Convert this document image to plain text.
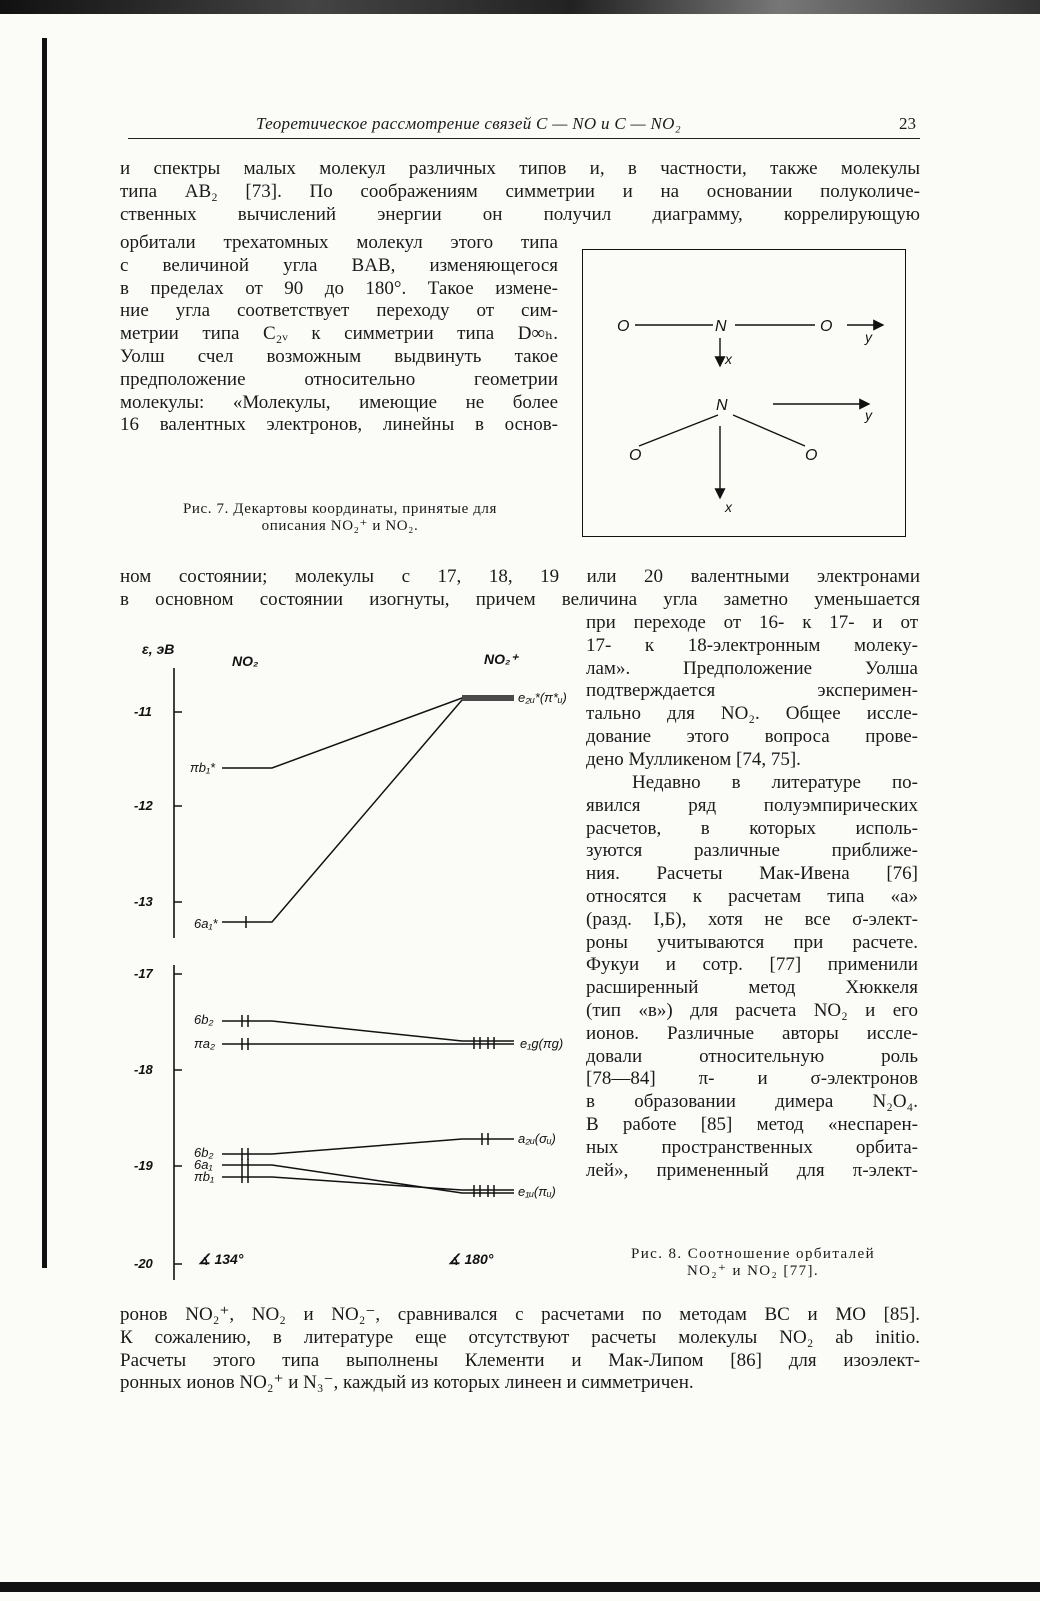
Теоретическое рассмотрение связей C — NO и C — NO₂	23
и спектры малых молекул различных типов и, в частности, также молекулы
типа AB₂ [73]. По соображениям симметрии и на основании полуколиче-
ственных вычислений энергии он получил диаграмму, коррелирующую
орбитали трехатомных молекул этого типа
с величиной угла BAB, изменяющегося
в пределах от 90 до 180°. Такое измене-
ние угла соответствует переходу от сим-
метрии типа C₂ᵥ к симметрии типа D∞ₕ.
Уолш счел возможным выдвинуть такое
предположение относительно геометрии
молекулы: «Молекулы, имеющие не более
16 валентных электронов, линейны в основ-
O	N	O
y
x
N
O	O
y
x
Рис. 7. Декартовы координаты, принятые для
описания NO₂⁺ и NO₂.
ном состоянии; молекулы с 17, 18, 19 или 20 валентными электронами
в основном состоянии изогнуты, причем величина угла заметно уменьшается
при переходе от 16- к 17- и от
17- к 18-электронным молеку-
лам». Предположение Уолша
подтверждается эксперимен-
тально для NO₂. Общее иссле-
дование этого вопроса прове-
дено Мулликеном [74, 75].
Недавно в литературе по-
явился ряд полуэмпирических
расчетов, в которых исполь-
зуются различные приближе-
ния. Расчеты Мак-Ивена [76]
относятся к расчетам типа «а»
(разд. I,Б), хотя не все σ-элект-
роны учитываются при расчете.
Фукуи и сотр. [77] применили
расширенный метод Хюккеля
(тип «в») для расчета NO₂ и его
ионов. Различные авторы иссле-
довали относительную роль
[78—84] π- и σ-электронов
в образовании димера N₂O₄.
В работе [85] метод «неспарен-
ных пространственных орбита-
лей», примененный для π-элект-
-11
-12
-13
-17
-18
-19
-20
ε, эВ
NO₂	NO₂⁺
πb₁*
6a₁*
6b₂
πa₂
6b₂
6a₁
πb₁
e₂ᵤ*(π*ᵤ)
e₁g(πg)
a₂ᵤ(σᵤ)
e₁ᵤ(πᵤ)
∡ 134°	∡ 180°	Рис. 8. Соотношение орбиталей
NO₂⁺ и NO₂ [77].
ронов NO₂⁺, NO₂ и NO₂⁻, сравнивался с расчетами по методам ВС и МО [85].
К сожалению, в литературе еще отсутствуют расчеты молекулы NO₂ ab initio.
Расчеты этого типа выполнены Клементи и Мак-Липом [86] для изоэлект-
ронных ионов NO₂⁺ и N₃⁻, каждый из которых линеен и симметричен.
